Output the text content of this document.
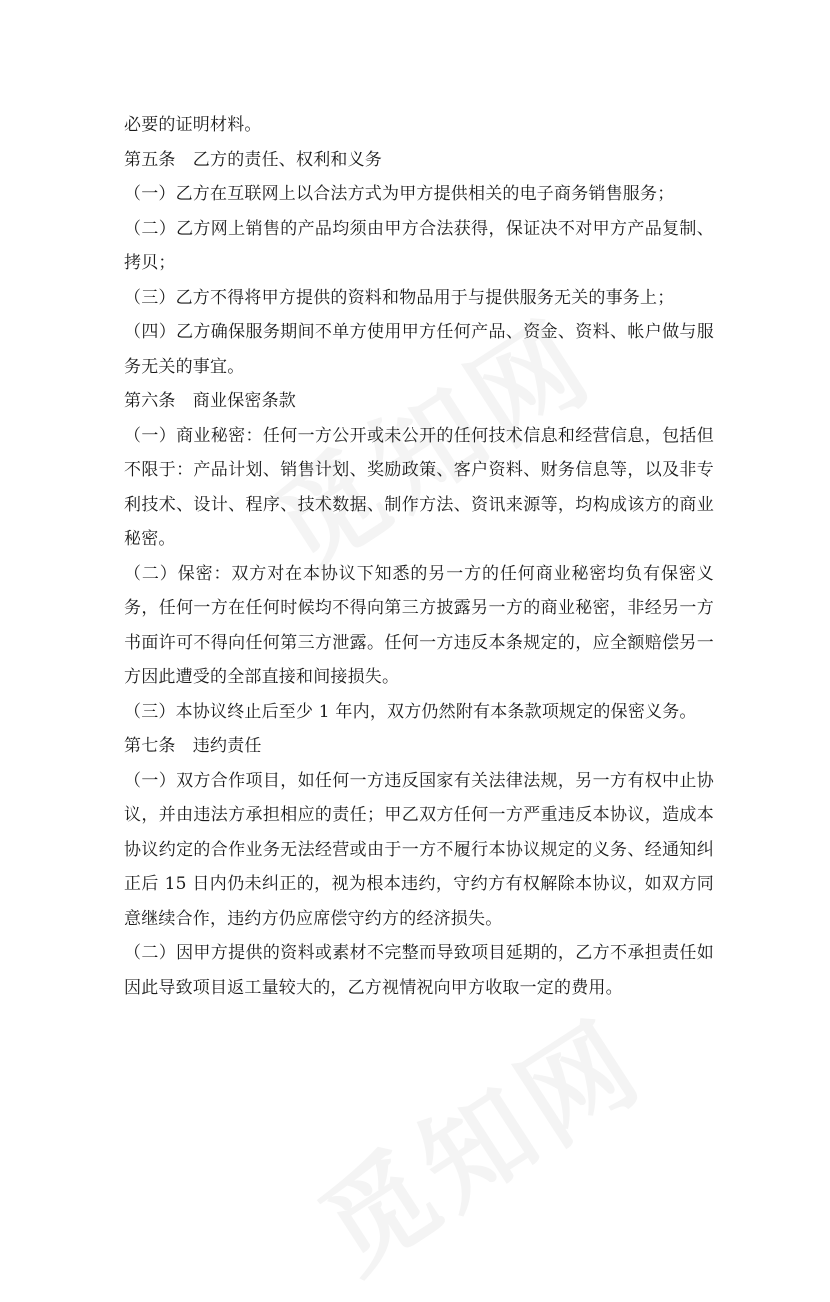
必要的证明材料。

第五条　乙方的责任、权利和义务

（一）乙方在互联网上以合法方式为甲方提供相关的电子商务销售服务；

（二）乙方网上销售的产品均须由甲方合法获得，保证决不对甲方产品复制、拷贝；

（三）乙方不得将甲方提供的资料和物品用于与提供服务无关的事务上；

（四）乙方确保服务期间不单方使用甲方任何产品、资金、资料、帐户做与服务无关的事宜。

第六条　商业保密条款

（一）商业秘密：任何一方公开或未公开的任何技术信息和经营信息，包括但不限于：产品计划、销售计划、奖励政策、客户资料、财务信息等，以及非专利技术、设计、程序、技术数据、制作方法、资讯来源等，均构成该方的商业秘密。

（二）保密：双方对在本协议下知悉的另一方的任何商业秘密均负有保密义务，任何一方在任何时候均不得向第三方披露另一方的商业秘密，非经另一方书面许可不得向任何第三方泄露。任何一方违反本条规定的，应全额赔偿另一方因此遭受的全部直接和间接损失。

（三）本协议终止后至少 1 年内，双方仍然附有本条款项规定的保密义务。

第七条　违约责任

（一）双方合作项目，如任何一方违反国家有关法律法规，另一方有权中止协议，并由违法方承担相应的责任；甲乙双方任何一方严重违反本协议，造成本协议约定的合作业务无法经营或由于一方不履行本协议规定的义务、经通知纠正后 15 日内仍未纠正的，视为根本违约，守约方有权解除本协议，如双方同意继续合作，违约方仍应席偿守约方的经济损失。

（二）因甲方提供的资料或素材不完整而导致项目延期的，乙方不承担责任如因此导致项目返工量较大的，乙方视情祝向甲方收取一定的费用。
